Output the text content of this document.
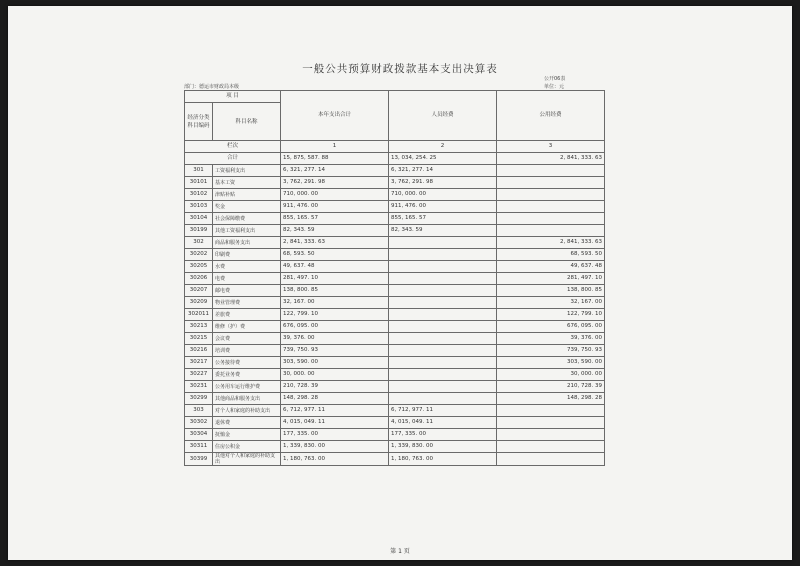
一般公共预算财政拨款基本支出决算表
公开06表
单位：元
部门：德运市财政局本级
项 目		本年支出合计	人员经费	公用经费
经济分类科目编码	科目名称			
栏次		1	2	3
合计		15, 875, 587. 88	13, 034, 254. 25	2, 841, 333. 63
301	工资福利支出	6, 321, 277. 14	6, 321, 277. 14	
30101	基本工资	3, 762, 291. 98	3, 762, 291. 98	
30102	津贴补贴	710, 000. 00	710, 000. 00	
30103	奖金	911, 476. 00	911, 476. 00	
30104	社会保障缴费	855, 165. 57	855, 165. 57	
30199	其他工资福利支出	82, 343. 59	82, 343. 59	
302	商品和服务支出	2, 841, 333. 63		2, 841, 333. 63
30202	印刷费	68, 593. 50		68, 593. 50
30205	水费	49, 637. 48		49, 637. 48
30206	电费	281, 497. 10		281, 497. 10
30207	邮电费	138, 800. 85		138, 800. 85
30209	物业管理费	32, 167. 00		32, 167. 00
302011	差旅费	122, 799. 10		122, 799. 10
30213	维修（护）费	676, 095. 00		676, 095. 00
30215	会议费	39, 376. 00		39, 376. 00
30216	培训费	739, 750. 93		739, 750. 93
30217	公务接待费	303, 590. 00		303, 590. 00
30227	委托业务费	30, 000. 00		30, 000. 00
30231	公务用车运行维护费	210, 728. 39		210, 728. 39
30299	其他商品和服务支出	148, 298. 28		148, 298. 28
303	对个人和家庭的补助支出	6, 712, 977. 11	6, 712, 977. 11	
30302	退休费	4, 015, 049. 11	4, 015, 049. 11	
30304	抚恤金	177, 335. 00	177, 335. 00	
30311	住房公积金	1, 339, 830. 00	1, 339, 830. 00	
30399	其他对个人和家庭的补助支出	1, 180, 763. 00	1, 180, 763. 00	
第 1 页
